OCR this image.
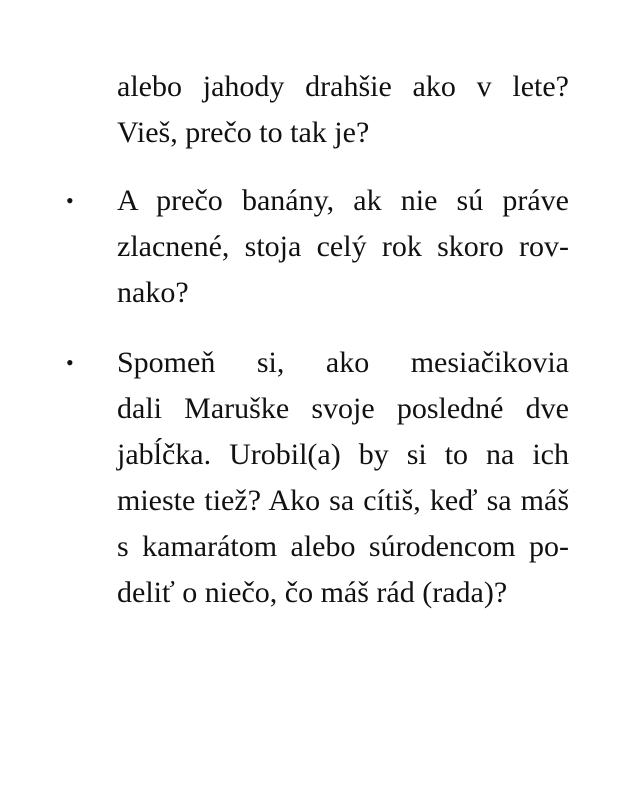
alebo jahody drahšie ako v lete?
Vieš, prečo to tak je?
• A prečo banány, ak nie sú práve
zlacnené, stoja celý rok skoro rov-
nako?
• Spomeň si, ako mesiačikovia
dali Maruške svoje posledné dve
jabĺčka. Urobil(a) by si to na ich
mieste tiež? Ako sa cítiš, keď sa máš
s kamarátom alebo súrodencom po-
deliť o niečo, čo máš rád (rada)?
